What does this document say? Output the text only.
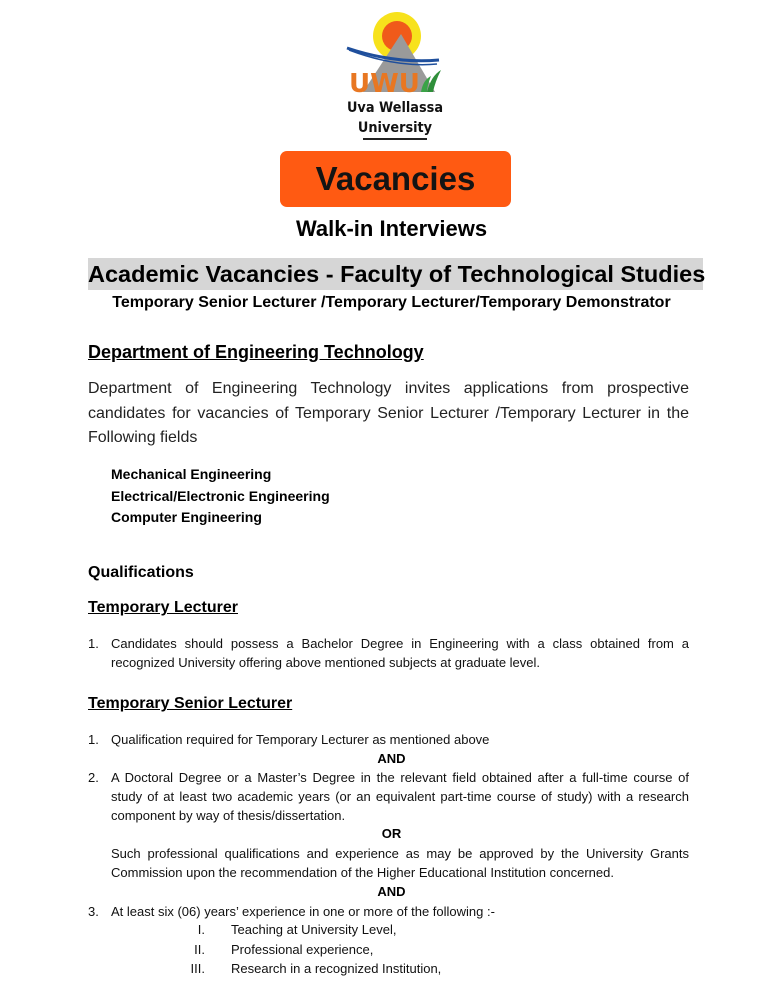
UWU
Uva Wellassa
University
Vacancies
Walk-in Interviews
Academic Vacancies - Faculty of Technological Studies
Temporary Senior Lecturer /Temporary Lecturer/Temporary Demonstrator
Department of Engineering Technology
Department of Engineering Technology invites applications from prospective candidates for vacancies of Temporary Senior Lecturer /Temporary Lecturer in the Following fields
Mechanical Engineering
Electrical/Electronic Engineering
Computer Engineering
Qualifications
Temporary Lecturer
1. Candidates should possess a Bachelor Degree in Engineering with a class obtained from a recognized University offering above mentioned subjects at graduate level.
Temporary Senior Lecturer
1. Qualification required for Temporary Lecturer as mentioned above
AND
2. A Doctoral Degree or a Master’s Degree in the relevant field obtained after a full-time course of study of at least two academic years (or an equivalent part-time course of study) with a research component by way of thesis/dissertation.
OR
Such professional qualifications and experience as may be approved by the University Grants Commission upon the recommendation of the Higher Educational Institution concerned.
AND
3. At least six (06) years’ experience in one or more of the following :-
I. Teaching at University Level,
II. Professional experience,
III. Research in a recognized Institution,
